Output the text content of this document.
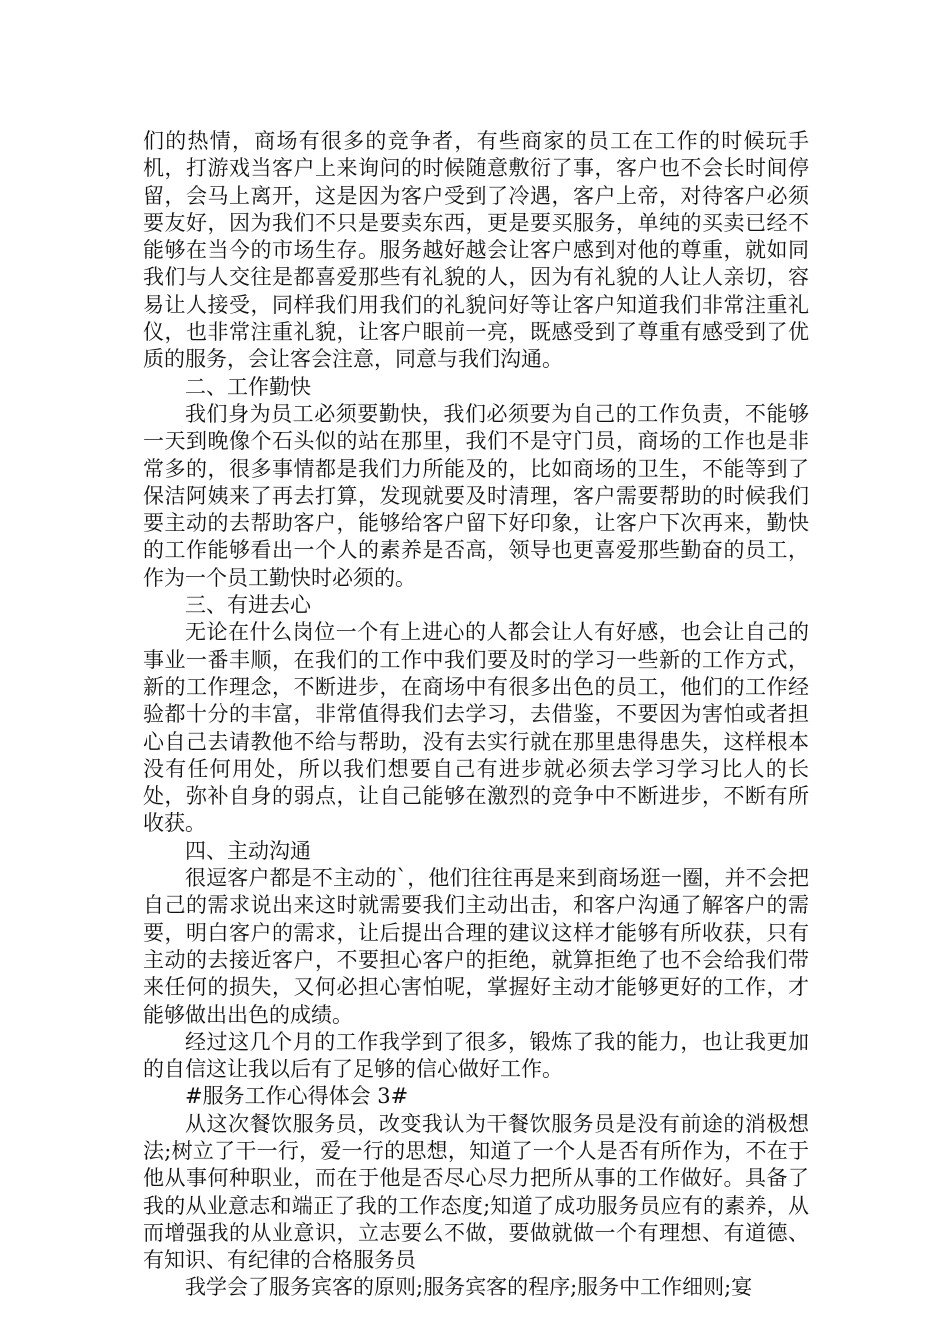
们的热情，商场有很多的竞争者，有些商家的员工在工作的时候玩手机，打游戏当客户上来询问的时候随意敷衍了事，客户也不会长时间停留，会马上离开，这是因为客户受到了冷遇，客户上帝，对待客户必须要友好，因为我们不只是要卖东西，更是要买服务，单纯的买卖已经不能够在当今的市场生存。服务越好越会让客户感到对他的尊重，就如同我们与人交往是都喜爱那些有礼貌的人，因为有礼貌的人让人亲切，容易让人接受，同样我们用我们的礼貌问好等让客户知道我们非常注重礼仪，也非常注重礼貌，让客户眼前一亮，既感受到了尊重有感受到了优质的服务，会让客会注意，同意与我们沟通。

二、工作勤快

我们身为员工必须要勤快，我们必须要为自己的工作负责，不能够一天到晚像个石头似的站在那里，我们不是守门员，商场的工作也是非常多的，很多事情都是我们力所能及的，比如商场的卫生，不能等到了保洁阿姨来了再去打算，发现就要及时清理，客户需要帮助的时候我们要主动的去帮助客户，能够给客户留下好印象，让客户下次再来，勤快的工作能够看出一个人的素养是否高，领导也更喜爱那些勤奋的员工，作为一个员工勤快时必须的。

三、有进去心

无论在什么岗位一个有上进心的人都会让人有好感，也会让自己的事业一番丰顺，在我们的工作中我们要及时的学习一些新的工作方式，新的工作理念，不断进步，在商场中有很多出色的员工，他们的工作经验都十分的丰富，非常值得我们去学习，去借鉴，不要因为害怕或者担心自己去请教他不给与帮助，没有去实行就在那里患得患失，这样根本没有任何用处，所以我们想要自己有进步就必须去学习学习比人的长处，弥补自身的弱点，让自己能够在激烈的竞争中不断进步，不断有所收获。

四、主动沟通

很逗客户都是不主动的`，他们往往再是来到商场逛一圈，并不会把自己的需求说出来这时就需要我们主动出击，和客户沟通了解客户的需要，明白客户的需求，让后提出合理的建议这样才能够有所收获，只有主动的去接近客户，不要担心客户的拒绝，就算拒绝了也不会给我们带来任何的损失，又何必担心害怕呢，掌握好主动才能够更好的工作，才能够做出出色的成绩。

经过这几个月的工作我学到了很多，锻炼了我的能力，也让我更加的自信这让我以后有了足够的信心做好工作。

#服务工作心得体会 3#

从这次餐饮服务员，改变我认为干餐饮服务员是没有前途的消极想法;树立了干一行，爱一行的思想，知道了一个人是否有所作为，不在于他从事何种职业，而在于他是否尽心尽力把所从事的工作做好。具备了我的从业意志和端正了我的工作态度;知道了成功服务员应有的素养，从而增强我的从业意识，立志要么不做，要做就做一个有理想、有道德、有知识、有纪律的合格服务员

我学会了服务宾客的原则;服务宾客的程序;服务中工作细则;宴
